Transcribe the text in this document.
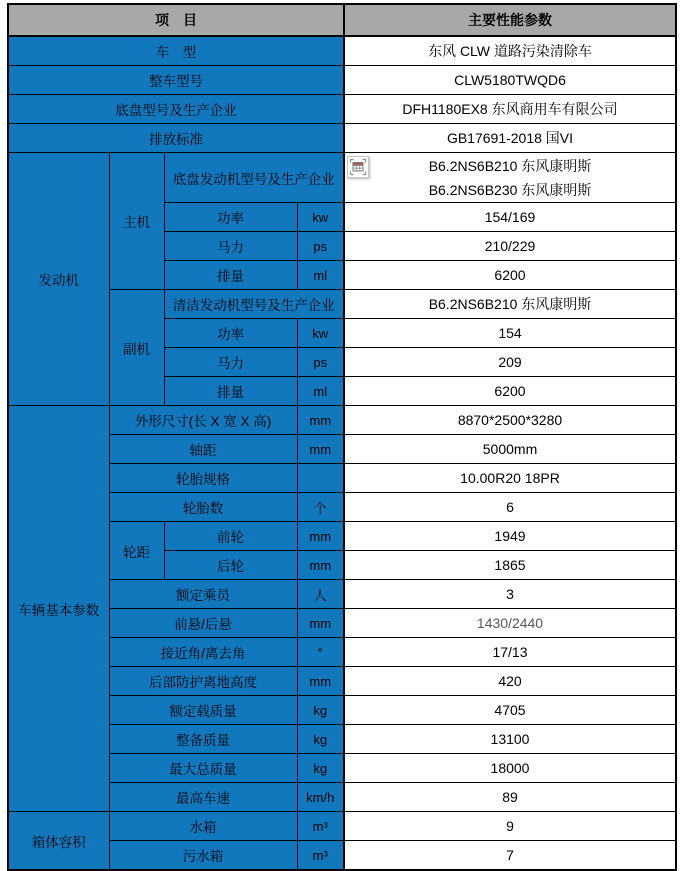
项　目				主要性能参数
车　型				东风 CLW 道路污染清除车
整车型号				CLW5180TWQD6
底盘型号及生产企业				DFH1180EX8 东风商用车有限公司
排放标准				GB17691-2018 国VI
发动机	主机	底盘发动机型号及生产企业		B6.2NS6B210 东风康明斯
B6.2NS6B230 东风康明斯

		功率	kw	154/169
		马力	ps	210/229
		排量	ml	6200
	副机	清洁发动机型号及生产企业		B6.2NS6B210 东风康明斯
		功率	kw	154
		马力	ps	209
		排量	ml	6200
车辆基本参数	外形尺寸(长 X 宽 X 高)		mm	8870*2500*3280
	轴距		mm	5000mm
	轮胎规格			10.00R20 18PR
	轮胎数		个	6
	轮距	前轮	mm	1949
		后轮	mm	1865
	额定乘员		人	3
	前悬/后悬		mm	1430/2440
	接近角/离去角		°	17/13
	后部防护离地高度		mm	420
	额定载质量		kg	4705
	整备质量		kg	13100
	最大总质量		kg	18000
	最高车速		km/h	89
箱体容积	水箱		m³	9
	污水箱		m³	7
